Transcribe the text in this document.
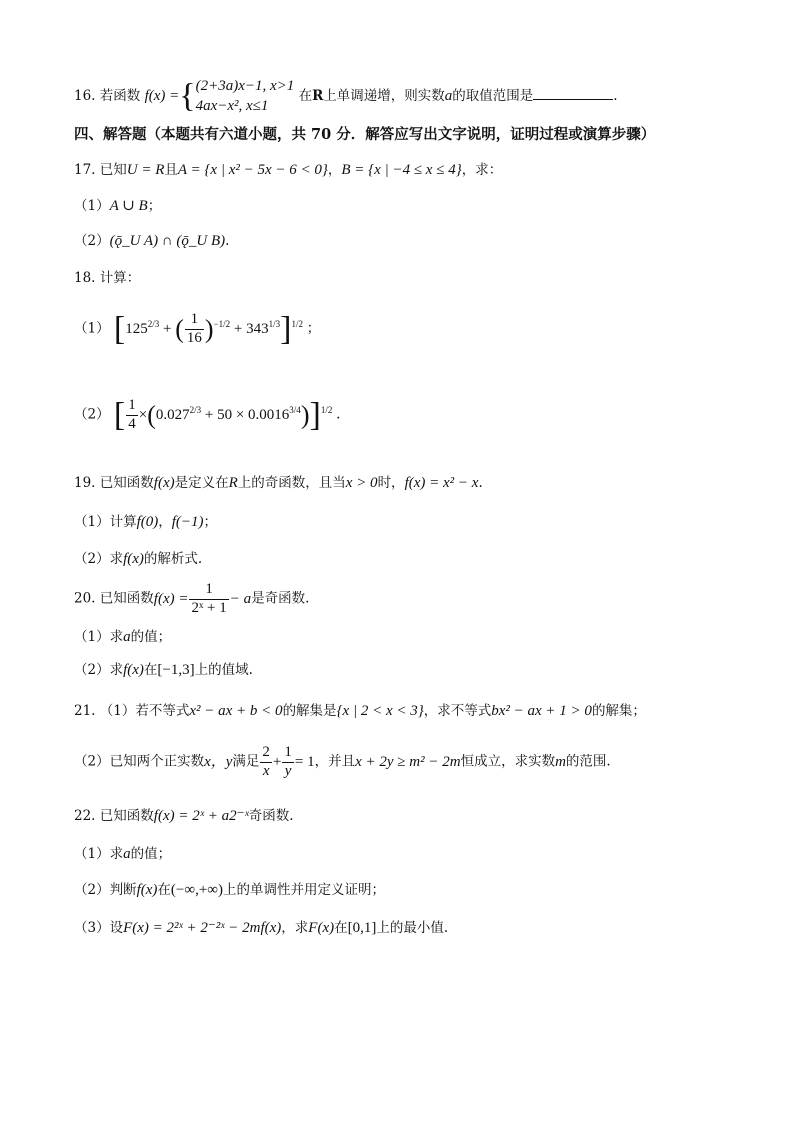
16. 若函数 f(x) ={ (2+3a)x−1, x>1
4ax−x², x≤1
在R上单调递增，则实数a的取值范围是	.
四、解答题（本题共有六道小题，共 70 分．解答应写出文字说明，证明过程或演算步骤）
17. 已知U = R且A = {x | x² − 5x − 6 < 0}，B = {x | −4 ≤ x ≤ 4}，求：
（1）A ∪ B；
（2）(ǭ_U A) ∩ (ǭ_U B).
18. 计算：
（1） [$125^{2/3}$ + ( $\frac{1}{16} )^{-1/2} + 343^{1/3}]^{1/2}$ ；
（2） [ $\frac{1}{4} \times(0.027^{2/3} + 50 \times 0.0016^{3/4})]^{1/2}$ .
19. 已知函数f(x)是定义在R上的奇函数，且当x > 0时，f(x) = x² − x.
（1）计算f(0)，f(−1)；
（2）求f(x)的解析式.
20. 已知函数$f(x) = \frac{1}{\text{2ˣ + 1}} - a$是奇函数.
（1）求a的值；
（2）求f(x)在[−1,3]上的值域.
21. （1）若不等式x² − ax + b < 0的解集是{x | 2 < x < 3}，求不等式bx² − ax + 1 > 0的解集；
（2）已知两个正实数x，y满足 $\frac{2}{x} + \frac{1}{y} = 1$，并且x + 2y ≥ m² − 2m恒成立，求实数m的范围.
22. 已知函数f(x) = 2ˣ + a2⁻ˣ奇函数.
（1）求a的值；
（2）判断f(x)在(−∞,+∞)上的单调性并用定义证明；
（3）设F(x) = 2²ˣ + 2⁻²ˣ − 2mf(x)，求F(x)在[0,1]上的最小值.
